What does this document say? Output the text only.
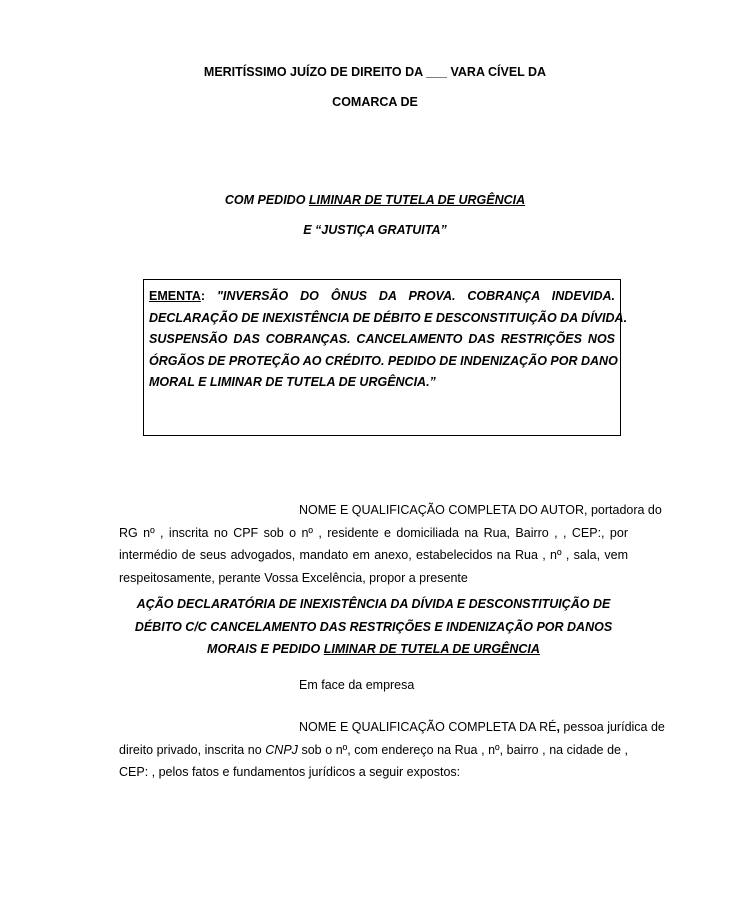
MERITÍSSIMO JUÍZO DE DIREITO DA ___ VARA CÍVEL DA
COMARCA DE
COM PEDIDO LIMINAR DE TUTELA DE URGÊNCIA
E “JUSTIÇA GRATUITA”
EMENTA: "INVERSÃO DO ÔNUS DA PROVA. COBRANÇA INDEVIDA.
DECLARAÇÃO DE INEXISTÊNCIA DE DÉBITO E DESCONSTITUIÇÃO DA DÍVIDA.
SUSPENSÃO DAS COBRANÇAS. CANCELAMENTO DAS RESTRIÇÕES NOS
ÓRGÃOS DE PROTEÇÃO AO CRÉDITO. PEDIDO DE INDENIZAÇÃO POR DANO
MORAL E LIMINAR DE TUTELA DE URGÊNCIA.”
NOME E QUALIFICAÇÃO COMPLETA DO AUTOR, portadora do
RG nº , inscrita no CPF sob o nº , residente e domiciliada na Rua, Bairro , , CEP:, por
intermédio de seus advogados, mandato em anexo, estabelecidos na Rua , nº , sala, vem
respeitosamente, perante Vossa Excelência, propor a presente
AÇÃO DECLARATÓRIA DE INEXISTÊNCIA DA DÍVIDA E DESCONSTITUIÇÃO DE
DÉBITO C/C CANCELAMENTO DAS RESTRIÇÕES E INDENIZAÇÃO POR DANOS
MORAIS E PEDIDO LIMINAR DE TUTELA DE URGÊNCIA
Em face da empresa
NOME E QUALIFICAÇÃO COMPLETA DA RÉ, pessoa jurídica de
direito privado, inscrita no CNPJ sob o nº, com endereço na Rua , nº, bairro , na cidade de ,
CEP: , pelos fatos e fundamentos jurídicos a seguir expostos:
